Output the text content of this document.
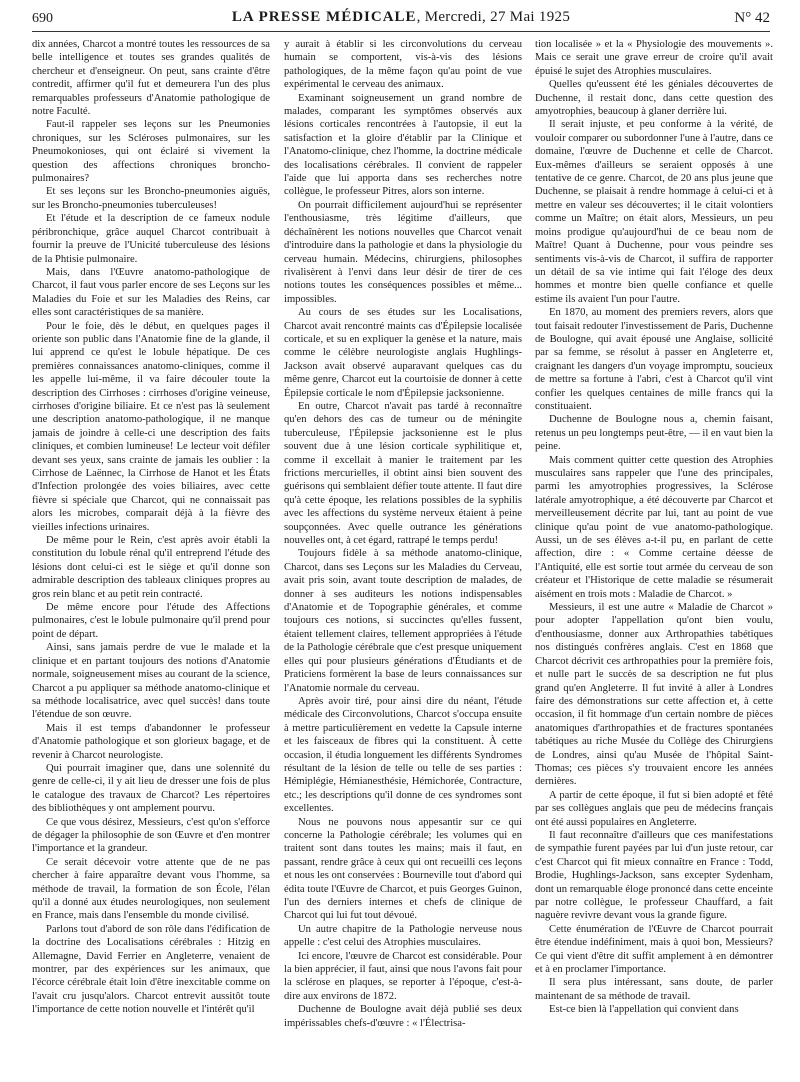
690	LA PRESSE MÉDICALE, Mercredi, 27 Mai 1925	N° 42

dix années, Charcot a montré toutes les ressources de sa belle intelligence et toutes ses grandes qualités de chercheur et d'enseigneur. On peut, sans crainte d'être contredit, affirmer qu'il fut et demeurera l'un des plus remarquables professeurs d'Anatomie pathologique de notre Faculté.

Faut-il rappeler ses leçons sur les Pneumonies chroniques, sur les Scléroses pulmonaires, sur les Pneumokonioses, qui ont éclairé si vivement la question des affections chroniques broncho-pulmonaires?

Et ses leçons sur les Broncho-pneumonies aiguës, sur les Broncho-pneumonies tuberculeuses!

Et l'étude et la description de ce fameux nodule péribronchique, grâce auquel Charcot contribuait à fournir la preuve de l'Unicité tuberculeuse des lésions de la Phtisie pulmonaire.

Mais, dans l'Œuvre anatomo-pathologique de Charcot, il faut vous parler encore de ses Leçons sur les Maladies du Foie et sur les Maladies des Reins, car elles sont caractéristiques de sa manière.

Pour le foie, dès le début, en quelques pages il oriente son public dans l'Anatomie fine de la glande, il lui apprend ce qu'est le lobule hépatique. De ces premières connaissances anatomo-cliniques, comme il les appelle lui-même, il va faire découler toute la description des Cirrhoses : cirrhoses d'origine veineuse, cirrhoses d'origine biliaire. Et ce n'est pas là seulement une description anatomo-pathologique, il ne manque jamais de joindre à celle-ci une description des faits cliniques, et combien lumineuse! Le lecteur voit défiler devant ses yeux, sans crainte de jamais les oublier : la Cirrhose de Laënnec, la Cirrhose de Hanot et les États d'Infection prolongée des voies biliaires, avec cette fièvre si spéciale que Charcot, qui ne connaissait pas alors les microbes, comparait déjà à la fièvre des vieilles infections urinaires.

De même pour le Rein, c'est après avoir établi la constitution du lobule rénal qu'il entreprend l'étude des lésions dont celui-ci est le siège et qu'il donne son admirable description des tableaux cliniques propres au gros rein blanc et au petit rein contracté.

De même encore pour l'étude des Affections pulmonaires, c'est le lobule pulmonaire qu'il prend pour point de départ.

Ainsi, sans jamais perdre de vue le malade et la clinique et en partant toujours des notions d'Anatomie normale, soigneusement mises au courant de la science, Charcot a pu appliquer sa méthode anatomo-clinique et sa méthode localisatrice, avec quel succès! dans toute l'étendue de son œuvre.

Mais il est temps d'abandonner le professeur d'Anatomie pathologique et son glorieux bagage, et de revenir à Charcot neurologiste.

Qui pourrait imaginer que, dans une solennité du genre de celle-ci, il y ait lieu de dresser une fois de plus le catalogue des travaux de Charcot? Les répertoires des bibliothèques y ont amplement pourvu.

Ce que vous désirez, Messieurs, c'est qu'on s'efforce de dégager la philosophie de son Œuvre et d'en montrer l'importance et la grandeur.

Ce serait décevoir votre attente que de ne pas chercher à faire apparaître devant vous l'homme, sa méthode de travail, la formation de son École, l'élan qu'il a donné aux études neurologiques, non seulement en France, mais dans l'ensemble du monde civilisé.

Parlons tout d'abord de son rôle dans l'édification de la doctrine des Localisations cérébrales : Hitzig en Allemagne, David Ferrier en Angleterre, venaient de montrer, par des expériences sur les animaux, que l'écorce cérébrale était loin d'être inexcitable comme on l'avait cru jusqu'alors. Charcot entrevit aussitôt toute l'importance de cette notion nouvelle et l'intérêt qu'il

y aurait à établir si les circonvolutions du cerveau humain se comportent, vis-à-vis des lésions pathologiques, de la même façon qu'au point de vue expérimental le cerveau des animaux.

Examinant soigneusement un grand nombre de malades, comparant les symptômes observés aux lésions corticales rencontrées à l'autopsie, il eut la satisfaction et la gloire d'établir par la Clinique et l'Anatomo-clinique, chez l'homme, la doctrine médicale des localisations cérébrales. Il convient de rappeler l'aide que lui apporta dans ses recherches notre collègue, le professeur Pitres, alors son interne.

On pourrait difficilement aujourd'hui se représenter l'enthousiasme, très légitime d'ailleurs, que déchaînèrent les notions nouvelles que Charcot venait d'introduire dans la pathologie et dans la physiologie du cerveau humain. Médecins, chirurgiens, philosophes rivalisèrent à l'envi dans leur désir de tirer de ces notions toutes les conséquences possibles et même... impossibles.

Au cours de ses études sur les Localisations, Charcot avait rencontré maints cas d'Épilepsie localisée corticale, et su en expliquer la genèse et la nature, mais comme le célèbre neurologiste anglais Hughlings-Jackson avait observé auparavant quelques cas du même genre, Charcot eut la courtoisie de donner à cette Épilepsie corticale le nom d'Épilepsie jacksonienne.

En outre, Charcot n'avait pas tardé à reconnaître qu'en dehors des cas de tumeur ou de méningite tuberculeuse, l'Épilepsie jacksonienne est le plus souvent due à une lésion corticale syphilitique et, comme il excellait à manier le traitement par les frictions mercurielles, il obtint ainsi bien souvent des guérisons qui semblaient défier toute attente. Il faut dire qu'à cette époque, les relations possibles de la syphilis avec les affections du système nerveux étaient à peine soupçonnées. Avec quelle outrance les générations nouvelles ont, à cet égard, rattrapé le temps perdu!

Toujours fidèle à sa méthode anatomo-clinique, Charcot, dans ses Leçons sur les Maladies du Cerveau, avait pris soin, avant toute description de malades, de donner à ses auditeurs les notions indispensables d'Anatomie et de Topographie générales, et comme toujours ces notions, si succinctes qu'elles fussent, étaient tellement claires, tellement appropriées à l'étude de la Pathologie cérébrale que c'est presque uniquement elles qui pour plusieurs générations d'Étudiants et de Praticiens formèrent la base de leurs connaissances sur l'Anatomie normale du cerveau.

Après avoir tiré, pour ainsi dire du néant, l'étude médicale des Circonvolutions, Charcot s'occupa ensuite à mettre particulièrement en vedette la Capsule interne et les faisceaux de fibres qui la constituent. À cette occasion, il étudia longuement les différents Syndromes résultant de la lésion de telle ou telle de ses parties : Hémiplégie, Hémianesthésie, Hémichorée, Contracture, etc.; les descriptions qu'il donne de ces syndromes sont excellentes.

Nous ne pouvons nous appesantir sur ce qui concerne la Pathologie cérébrale; les volumes qui en traitent sont dans toutes les mains; mais il faut, en passant, rendre grâce à ceux qui ont recueilli ces leçons et nous les ont conservées : Bourneville tout d'abord qui édita toute l'Œuvre de Charcot, et puis Georges Guinon, l'un des derniers internes et chefs de clinique de Charcot qui lui fut tout dévoué.

Un autre chapitre de la Pathologie nerveuse nous appelle : c'est celui des Atrophies musculaires.

Ici encore, l'œuvre de Charcot est considérable. Pour la bien apprécier, il faut, ainsi que nous l'avons fait pour la sclérose en plaques, se reporter à l'époque, c'est-à-dire aux environs de 1872.

Duchenne de Boulogne avait déjà publié ses deux impérissables chefs-d'œuvre : « l'Électrisa-

tion localisée » et la « Physiologie des mouvements ». Mais ce serait une grave erreur de croire qu'il avait épuisé le sujet des Atrophies musculaires.

Quelles qu'eussent été les géniales découvertes de Duchenne, il restait donc, dans cette question des amyotrophies, beaucoup à glaner derrière lui.

Il serait injuste, et peu conforme à la vérité, de vouloir comparer ou subordonner l'une à l'autre, dans ce domaine, l'œuvre de Duchenne et celle de Charcot. Eux-mêmes d'ailleurs se seraient opposés à une tentative de ce genre. Charcot, de 20 ans plus jeune que Duchenne, se plaisait à rendre hommage à celui-ci et à mettre en valeur ses découvertes; il le citait volontiers comme un Maître; on était alors, Messieurs, un peu moins prodigue qu'aujourd'hui de ce beau nom de Maître! Quant à Duchenne, pour vous peindre ses sentiments vis-à-vis de Charcot, il suffira de rapporter un détail de sa vie intime qui fait l'éloge des deux hommes et montre bien quelle confiance et quelle estime ils avaient l'un pour l'autre.

En 1870, au moment des premiers revers, alors que tout faisait redouter l'investissement de Paris, Duchenne de Boulogne, qui avait épousé une Anglaise, sollicité par sa femme, se résolut à passer en Angleterre et, craignant les dangers d'un voyage impromptu, soucieux de mettre sa fortune à l'abri, c'est à Charcot qu'il vint confier les quelques centaines de mille francs qui la constituaient.

Duchenne de Boulogne nous a, chemin faisant, retenus un peu longtemps peut-être, — il en vaut bien la peine.

Mais comment quitter cette question des Atrophies musculaires sans rappeler que l'une des principales, parmi les amyotrophies progressives, la Sclérose latérale amyotrophique, a été découverte par Charcot et merveilleusement décrite par lui, tant au point de vue clinique qu'au point de vue anatomo-pathologique. Aussi, un de ses élèves a-t-il pu, en parlant de cette affection, dire : « Comme certaine déesse de l'Antiquité, elle est sortie tout armée du cerveau de son créateur et l'Historique de cette maladie se résumerait aisément en trois mots : Maladie de Charcot. »

Messieurs, il est une autre « Maladie de Charcot » pour adopter l'appellation qu'ont bien voulu, d'enthousiasme, donner aux Arthropathies tabétiques nos distingués confrères anglais. C'est en 1868 que Charcot décrivit ces arthropathies pour la première fois, et nulle part le succès de sa description ne fut plus grand qu'en Angleterre. Il fut invité à aller à Londres faire des démonstrations sur cette affection et, à cette occasion, il fit hommage d'un certain nombre de pièces anatomiques d'arthropathies et de fractures spontanées tabétiques au riche Musée du Collège des Chirurgiens de Londres, ainsi qu'au Musée de l'hôpital Saint-Thomas; ces pièces s'y trouvaient encore les années dernières.

A partir de cette époque, il fut si bien adopté et fêté par ses collègues anglais que peu de médecins français ont été aussi populaires en Angleterre.

Il faut reconnaître d'ailleurs que ces manifestations de sympathie furent payées par lui d'un juste retour, car c'est Charcot qui fit mieux connaître en France : Todd, Brodie, Hughlings-Jackson, sans excepter Sydenham, dont un remarquable éloge prononcé dans cette enceinte par notre collègue, le professeur Chauffard, a fait naguère revivre devant vous la grande figure.

Cette énumération de l'Œuvre de Charcot pourrait être étendue indéfiniment, mais à quoi bon, Messieurs? Ce qui vient d'être dit suffit amplement à en démontrer et à en proclamer l'importance.

Il sera plus intéressant, sans doute, de parler maintenant de sa méthode de travail.

Est-ce bien là l'appellation qui convient dans
